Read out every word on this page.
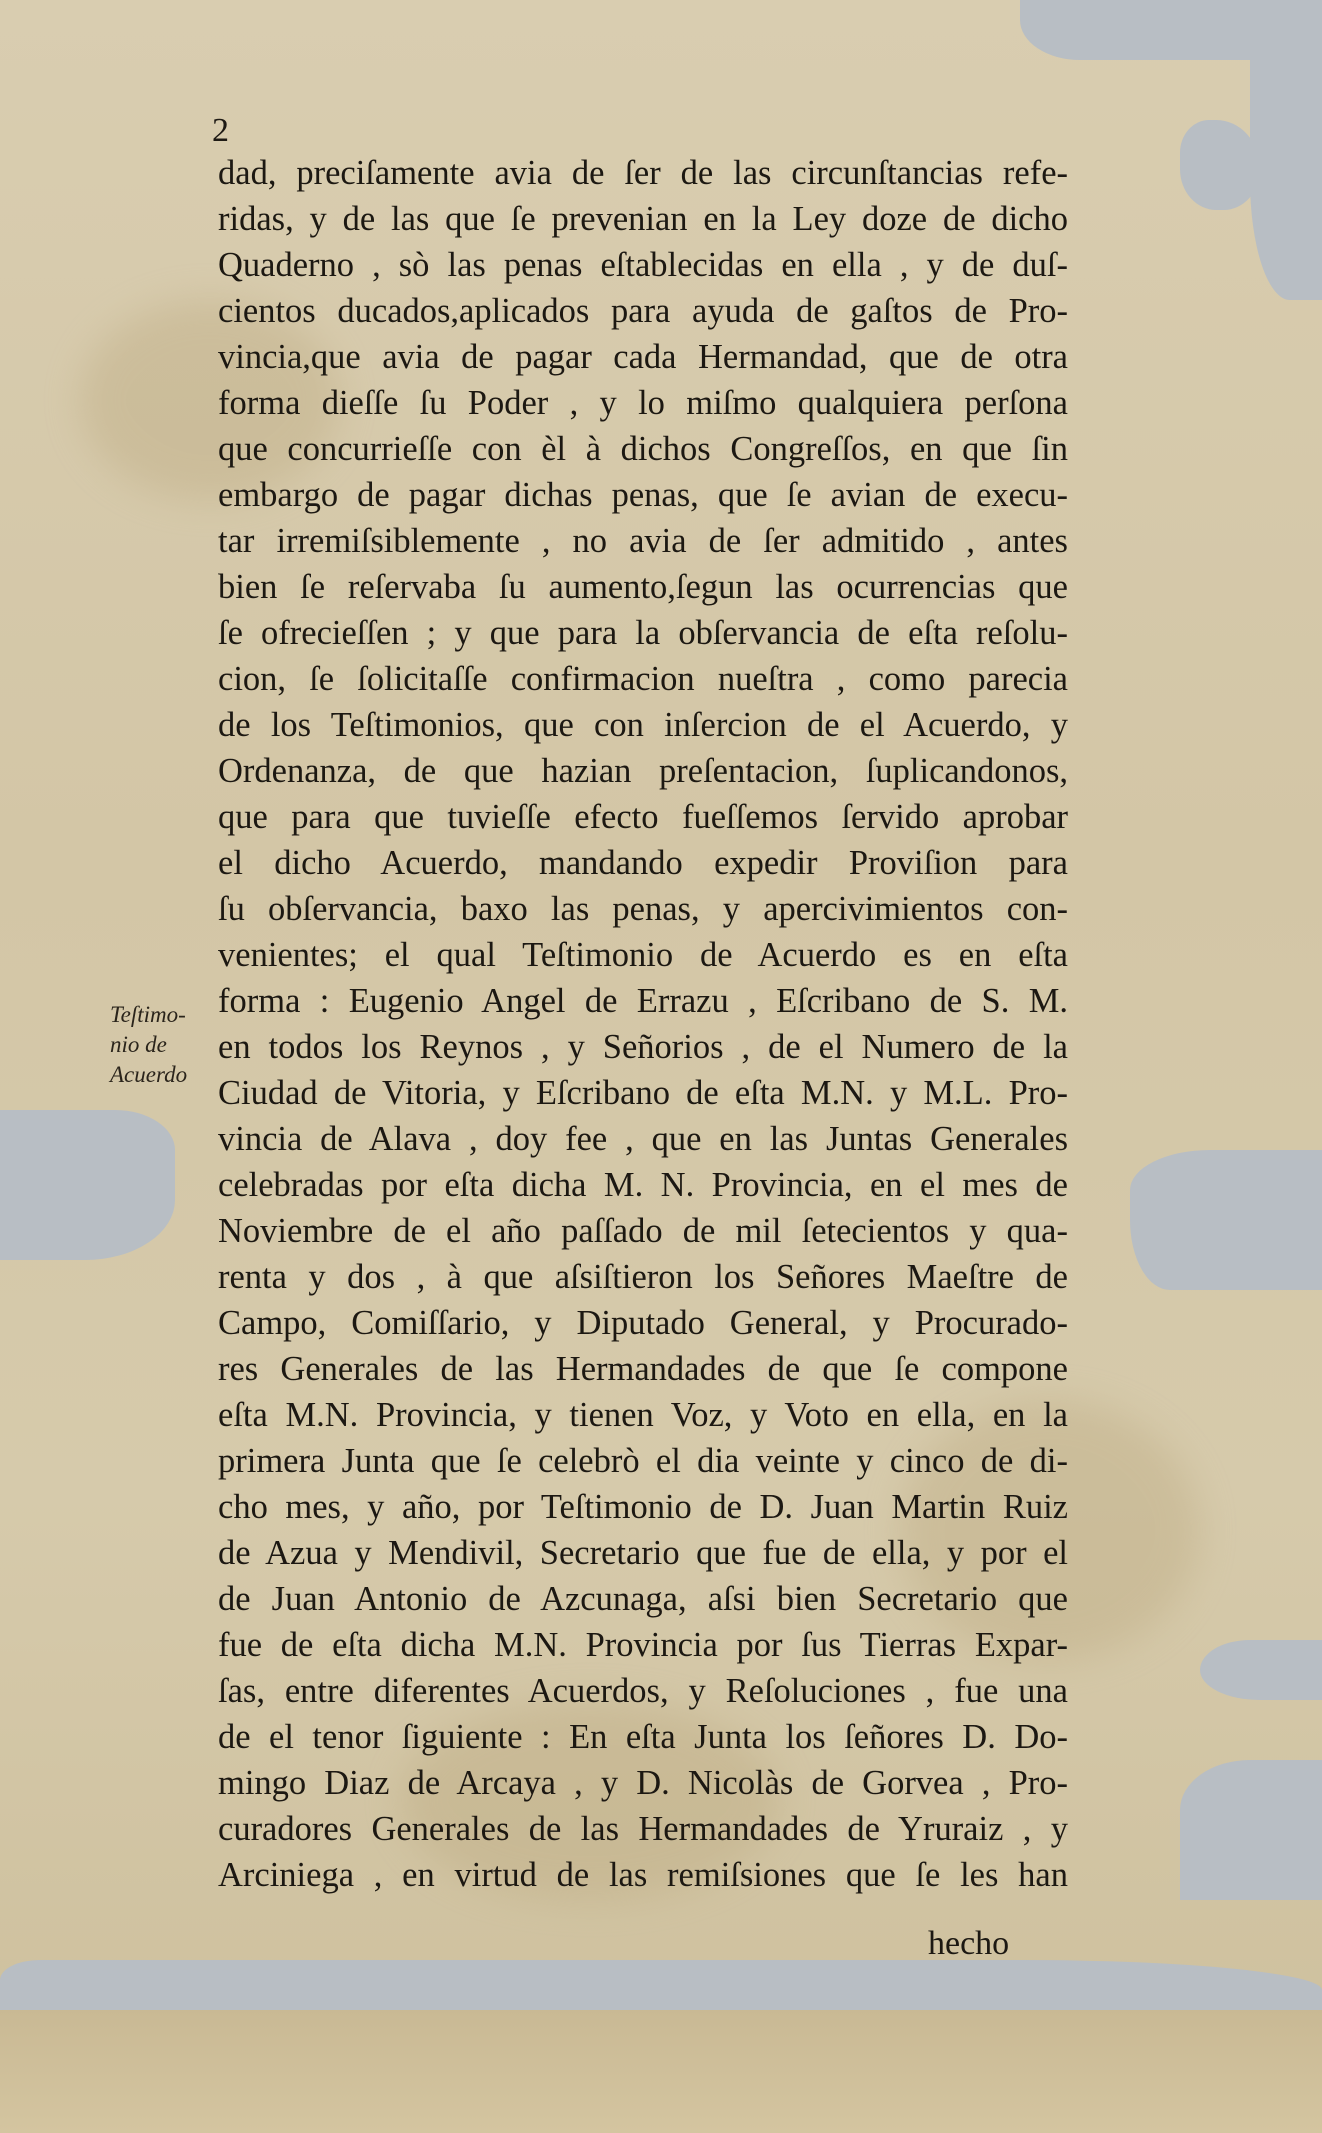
2
Teſtimo-
nio de
Acuerdo
dad, preciſamente avia de ſer de las circunſtancias refe-
ridas, y de las que ſe prevenian en la Ley doze de dicho
Quaderno , sò las penas eſtablecidas en ella , y de duſ-
cientos ducados,aplicados para ayuda de gaſtos de Pro-
vincia,que avia de pagar cada Hermandad, que de otra
forma dieſſe ſu Poder , y lo miſmo qualquiera perſona
que concurrieſſe con èl à dichos Congreſſos, en que ſin
embargo de pagar dichas penas, que ſe avian de execu-
tar irremiſsiblemente , no avia de ſer admitido , antes
bien ſe reſervaba ſu aumento,ſegun las ocurrencias que
ſe ofrecieſſen ; y que para la obſervancia de eſta reſolu-
cion, ſe ſolicitaſſe confirmacion nueſtra , como parecia
de los Teſtimonios, que con inſercion de el Acuerdo, y
Ordenanza, de que hazian preſentacion, ſuplicandonos,
que para que tuvieſſe efecto fueſſemos ſervido aprobar
el dicho Acuerdo, mandando expedir Proviſion para
ſu obſervancia, baxo las penas, y apercivimientos con-
venientes; el qual Teſtimonio de Acuerdo es en eſta
forma : Eugenio Angel de Errazu , Eſcribano de S. M.
en todos los Reynos , y Señorios , de el Numero de la
Ciudad de Vitoria, y Eſcribano de eſta M.N. y M.L. Pro-
vincia de Alava , doy fee , que en las Juntas Generales
celebradas por eſta dicha M. N. Provincia, en el mes de
Noviembre de el año paſſado de mil ſetecientos y qua-
renta y dos , à que aſsiſtieron los Señores Maeſtre de
Campo, Comiſſario, y Diputado General, y Procurado-
res Generales de las Hermandades de que ſe compone
eſta M.N. Provincia, y tienen Voz, y Voto en ella, en la
primera Junta que ſe celebrò el dia veinte y cinco de di-
cho mes, y año, por Teſtimonio de D. Juan Martin Ruiz
de Azua y Mendivil, Secretario que fue de ella, y por el
de Juan Antonio de Azcunaga, aſsi bien Secretario que
fue de eſta dicha M.N. Provincia por ſus Tierras Expar-
ſas, entre diferentes Acuerdos, y Reſoluciones , fue una
de el tenor ſiguiente : En eſta Junta los ſeñores D. Do-
mingo Diaz de Arcaya , y D. Nicolàs de Gorvea , Pro-
curadores Generales de las Hermandades de Yruraiz , y
Arciniega , en virtud de las remiſsiones que ſe les han
hecho
